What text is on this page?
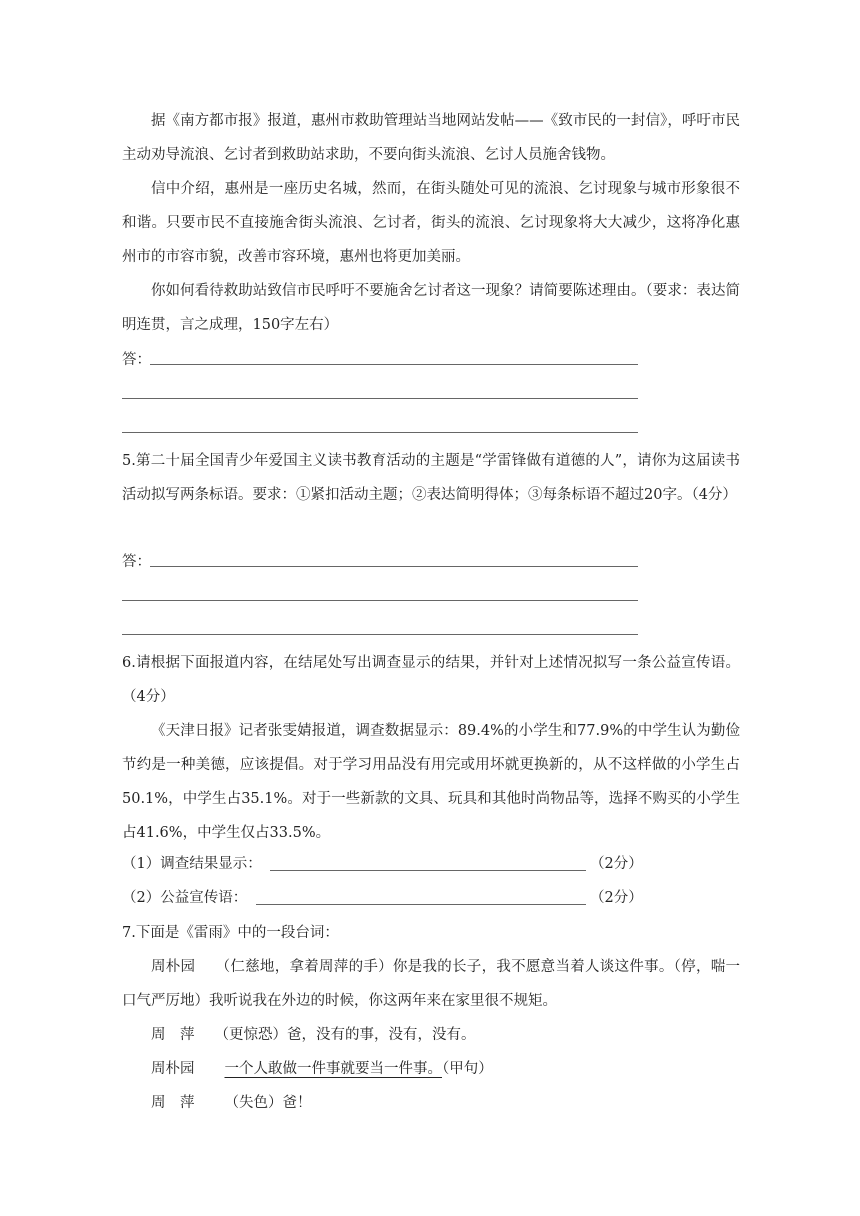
据《南方都市报》报道，惠州市救助管理站当地网站发帖——《致市民的一封信》，呼吁市民主动劝导流浪、乞讨者到救助站求助，不要向街头流浪、乞讨人员施舍钱物。

信中介绍，惠州是一座历史名城，然而，在街头随处可见的流浪、乞讨现象与城市形象很不和谐。只要市民不直接施舍街头流浪、乞讨者，街头的流浪、乞讨现象将大大减少，这将净化惠州市的市容市貌，改善市容环境，惠州也将更加美丽。

你如何看待救助站致信市民呼吁不要施舍乞讨者这一现象？请简要陈述理由。（要求：表达简明连贯，言之成理，150字左右）

答：

5.第二十届全国青少年爱国主义读书教育活动的主题是“学雷锋做有道德的人”，请你为这届读书活动拟写两条标语。要求：①紧扣活动主题；②表达简明得体；③每条标语不超过20字。（4分）

答：

6.请根据下面报道内容，在结尾处写出调查显示的结果，并针对上述情况拟写一条公益宣传语。（4分）

《天津日报》记者张雯婧报道，调查数据显示：89.4%的小学生和77.9%的中学生认为勤俭节约是一种美德，应该提倡。对于学习用品没有用完或用坏就更换新的，从不这样做的小学生占50.1%，中学生占35.1%。对于一些新款的文具、玩具和其他时尚物品等，选择不购买的小学生占41.6%，中学生仅占33.5%。

（1）调查结果显示：	（2分）
（2）公益宣传语：	（2分）

7.下面是《雷雨》中的一段台词：

周朴园 （仁慈地，拿着周萍的手）你是我的长子，我不愿意当着人谈这件事。（停，喘一口气严厉地）我听说我在外边的时候，你这两年来在家里很不规矩。

周　萍 （更惊恐）爸，没有的事，没有，没有。
周朴园 一个人敢做一件事就要当一件事。（甲句）
周　萍 （失色）爸！
